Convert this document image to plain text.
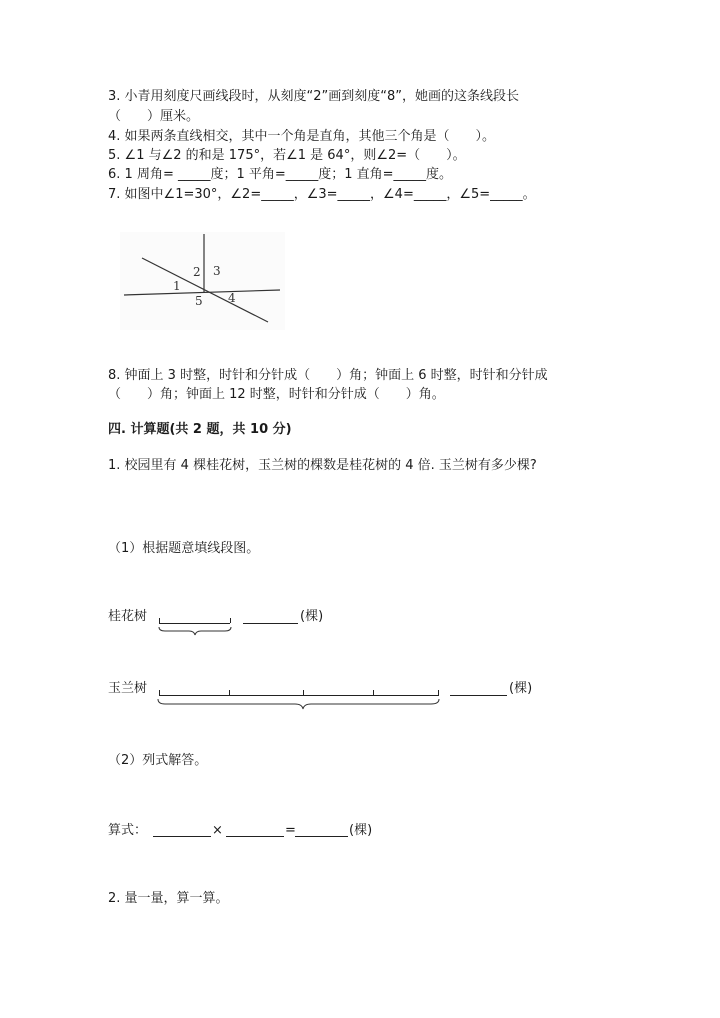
3. 小青用刻度尺画线段时，从刻度“2”画到刻度“8”，她画的这条线段长
（　　）厘米。
4. 如果两条直线相交，其中一个角是直角，其他三个角是（　　）。
5. ∠1 与∠2 的和是 175°，若∠1 是 64°，则∠2=（　　）。
6. 1 周角= _____度；1 平角=_____度；1 直角=_____度。
7. 如图中∠1=30°，∠2=_____，∠3=_____，∠4=_____，∠5=_____。
1
2 3
4
5
8. 钟面上 3 时整，时针和分针成（　　）角；钟面上 6 时整，时针和分针成
（　　）角；钟面上 12 时整，时针和分针成（　　）角。
四. 计算题(共 2 题，共 10 分)
1. 校园里有 4 棵桂花树，玉兰树的棵数是桂花树的 4 倍. 玉兰树有多少棵?
（1）根据题意填线段图。
桂花树	(棵)
玉兰树	(棵)
（2）列式解答。
算式：	×	=	(棵)
2. 量一量，算一算。
